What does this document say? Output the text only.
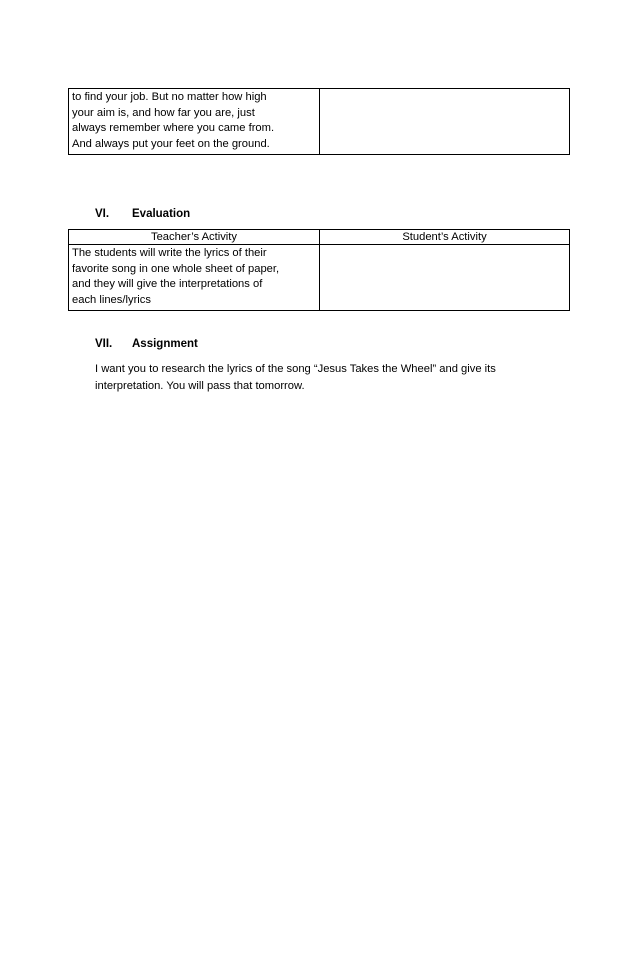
to find your job. But no matter how high
your aim is, and how far you are, just
always remember where you came from.
And always put your feet on the ground.

VI. Evaluation
Teacher’s Activity	Student’s Activity

The students will write the lyrics of their
favorite song in one whole sheet of paper,
and they will give the interpretations of
each lines/lyrics	

VII. Assignment
I want you to research the lyrics of the song “Jesus Takes the Wheel” and give its interpretation. You will pass that tomorrow.
